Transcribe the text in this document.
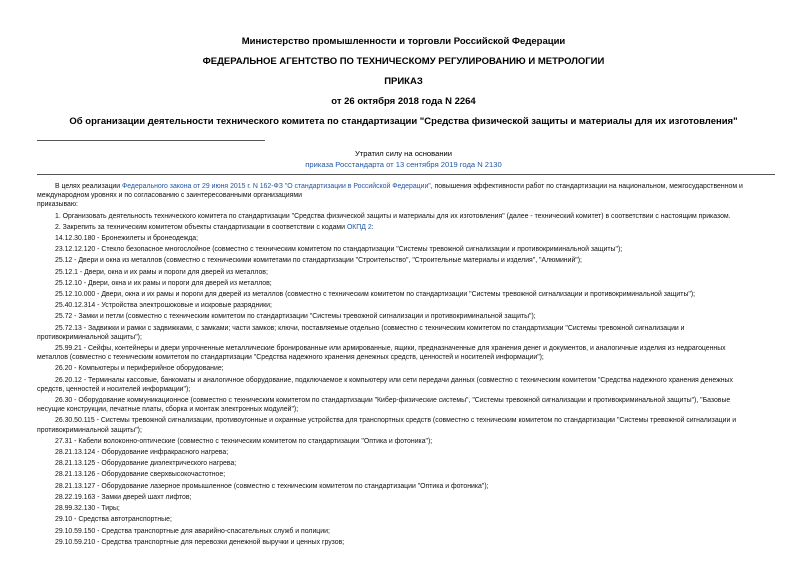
Министерство промышленности и торговли Российской Федерации
ФЕДЕРАЛЬНОЕ АГЕНТСТВО ПО ТЕХНИЧЕСКОМУ РЕГУЛИРОВАНИЮ И МЕТРОЛОГИИ
ПРИКАЗ
от 26 октября 2018 года N 2264
Об организации деятельности технического комитета по стандартизации "Средства физической защиты и материалы для их изготовления"
Утратил силу на основании
приказа Росстандарта от 13 сентября 2019 года N 2130
В целях реализации Федерального закона от 29 июня 2015 г. N 162-ФЗ "О стандартизации в Российской Федерации", повышения эффективности работ по стандартизации на национальном, межгосударственном и
международном уровнях и по согласованию с заинтересованными организациями
приказываю:
1. Организовать деятельность технического комитета по стандартизации "Средства физической защиты и материалы для их изготовления" (далее - технический комитет) в соответствии с настоящим приказом.
2. Закрепить за техническим комитетом объекты стандартизации в соответствии с кодами ОКПД 2:
14.12.30.180 - Бронежилеты и бронеодежда;
23.12.12.120 - Стекло безопасное многослойное (совместно с техническим комитетом по стандартизации "Системы тревожной сигнализации и противокриминальной защиты");
25.12 - Двери и окна из металлов (совместно с техническими комитетами по стандартизации "Строительство", "Строительные материалы и изделия", "Алюминий");
25.12.1 - Двери, окна и их рамы и пороги для дверей из металлов;
25.12.10 - Двери, окна и их рамы и пороги для дверей из металлов;
25.12.10.000 - Двери, окна и их рамы и пороги для дверей из металлов (совместно с техническим комитетом по стандартизации "Системы тревожной сигнализации и противокриминальной защиты");
25.40.12.314 - Устройства электрошоковые и искровые разрядники;
25.72 - Замки и петли (совместно с техническим комитетом по стандартизации "Системы тревожной сигнализации и противокриминальной защиты");
25.72.13 - Задвижки и рамки с задвижками, с замками; части замков; ключи, поставляемые отдельно (совместно с техническим комитетом по стандартизации "Системы тревожной сигнализации и
противокриминальной защиты");
25.99.21 - Сейфы, контейнеры и двери упрочненные металлические бронированные или армированные, ящики, предназначенные для хранения денег и документов, и аналогичные изделия из недрагоценных
металлов (совместно с техническим комитетом по стандартизации "Средства надежного хранения денежных средств, ценностей и носителей информации");
26.20 - Компьютеры и периферийное оборудование;
26.20.12 - Терминалы кассовые, банкоматы и аналогичное оборудование, подключаемое к компьютеру или сети передачи данных (совместно с техническим комитетом "Средства надежного хранения денежных
средств, ценностей и носителей информации");
26.30 - Оборудование коммуникационное (совместно с техническим комитетом по стандартизации "Кибер-физические системы", "Системы тревожной сигнализации и противокриминальной защиты"), "Базовые
несущие конструкции, печатные платы, сборка и монтаж электронных модулей");
26.30.50.115 - Системы тревожной сигнализации, противоугонные и охранные устройства для транспортных средств (совместно с техническим комитетом по стандартизации "Системы тревожной сигнализации и
противокриминальной защиты");
27.31 - Кабели волоконно-оптические (совместно с техническим комитетом по стандартизации "Оптика и фотоника");
28.21.13.124 - Оборудование инфракрасного нагрева;
28.21.13.125 - Оборудование диэлектрического нагрева;
28.21.13.126 - Оборудование сверхвысокочастотное;
28.21.13.127 - Оборудование лазерное промышленное (совместно с техническим комитетом по стандартизации "Оптика и фотоника");
28.22.19.163 - Замки дверей шахт лифтов;
28.99.32.130 - Тиры;
29.10 - Средства автотранспортные;
29.10.59.150 - Средства транспортные для аварийно-спасательных служб и полиции;
29.10.59.210 - Средства транспортные для перевозки денежной выручки и ценных грузов;
